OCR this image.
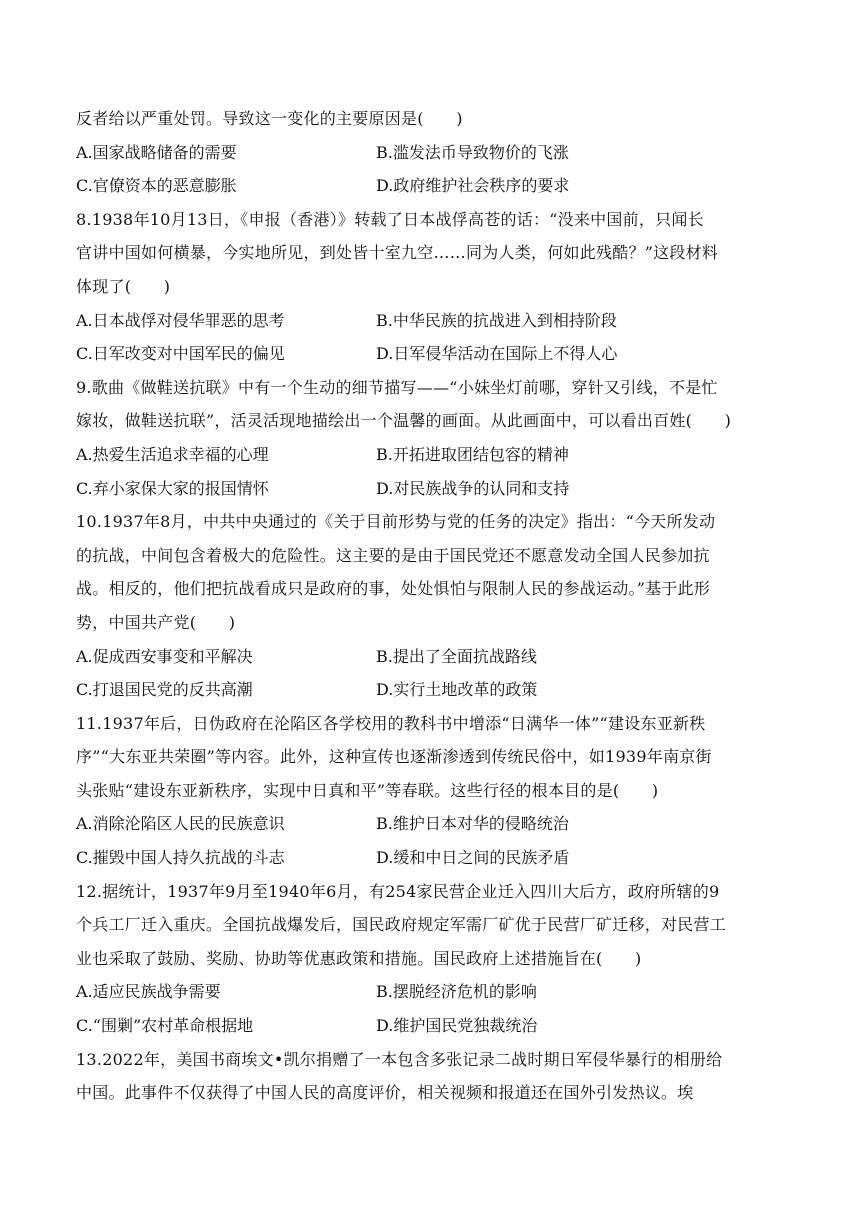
反者给以严重处罚。导致这一变化的主要原因是(　　)
A.国家战略储备的需要	B.滥发法币导致物价的飞涨
C.官僚资本的恶意膨胀	D.政府维护社会秩序的要求
8.1938年10月13日，《申报（香港）》转载了日本战俘高苍的话：“没来中国前，只闻长
官讲中国如何横暴，今实地所见，到处皆十室九空……同为人类，何如此残酷？”这段材料
体现了(　　)
A.日本战俘对侵华罪恶的思考	B.中华民族的抗战进入到相持阶段
C.日军改变对中国军民的偏见	D.日军侵华活动在国际上不得人心
9.歌曲《做鞋送抗联》中有一个生动的细节描写——“小妹坐灯前哪，穿针又引线，不是忙
嫁妆，做鞋送抗联”，活灵活现地描绘出一个温馨的画面。从此画面中，可以看出百姓(　　)
A.热爱生活追求幸福的心理	B.开拓进取团结包容的精神
C.弃小家保大家的报国情怀	D.对民族战争的认同和支持
10.1937年8月，中共中央通过的《关于目前形势与党的任务的决定》指出：“今天所发动
的抗战，中间包含着极大的危险性。这主要的是由于国民党还不愿意发动全国人民参加抗
战。相反的，他们把抗战看成只是政府的事，处处惧怕与限制人民的参战运动。”基于此形
势，中国共产党(　　)
A.促成西安事变和平解决	B.提出了全面抗战路线
C.打退国民党的反共高潮	D.实行土地改革的政策
11.1937年后，日伪政府在沦陷区各学校用的教科书中增添“日满华一体”“建设东亚新秩
序”“大东亚共荣圈”等内容。此外，这种宣传也逐渐渗透到传统民俗中，如1939年南京街
头张贴“建设东亚新秩序，实现中日真和平”等春联。这些行径的根本目的是(　　)
A.消除沦陷区人民的民族意识	B.维护日本对华的侵略统治
C.摧毁中国人持久抗战的斗志	D.缓和中日之间的民族矛盾
12.据统计，1937年9月至1940年6月，有254家民营企业迁入四川大后方，政府所辖的9
个兵工厂迁入重庆。全国抗战爆发后，国民政府规定军需厂矿优于民营厂矿迁移，对民营工
业也采取了鼓励、奖励、协助等优惠政策和措施。国民政府上述措施旨在(　　)
A.适应民族战争需要	B.摆脱经济危机的影响
C.“围剿”农村革命根据地	D.维护国民党独裁统治
13.2022年，美国书商埃文•凯尔捐赠了一本包含多张记录二战时期日军侵华暴行的相册给
中国。此事件不仅获得了中国人民的高度评价，相关视频和报道还在国外引发热议。埃
